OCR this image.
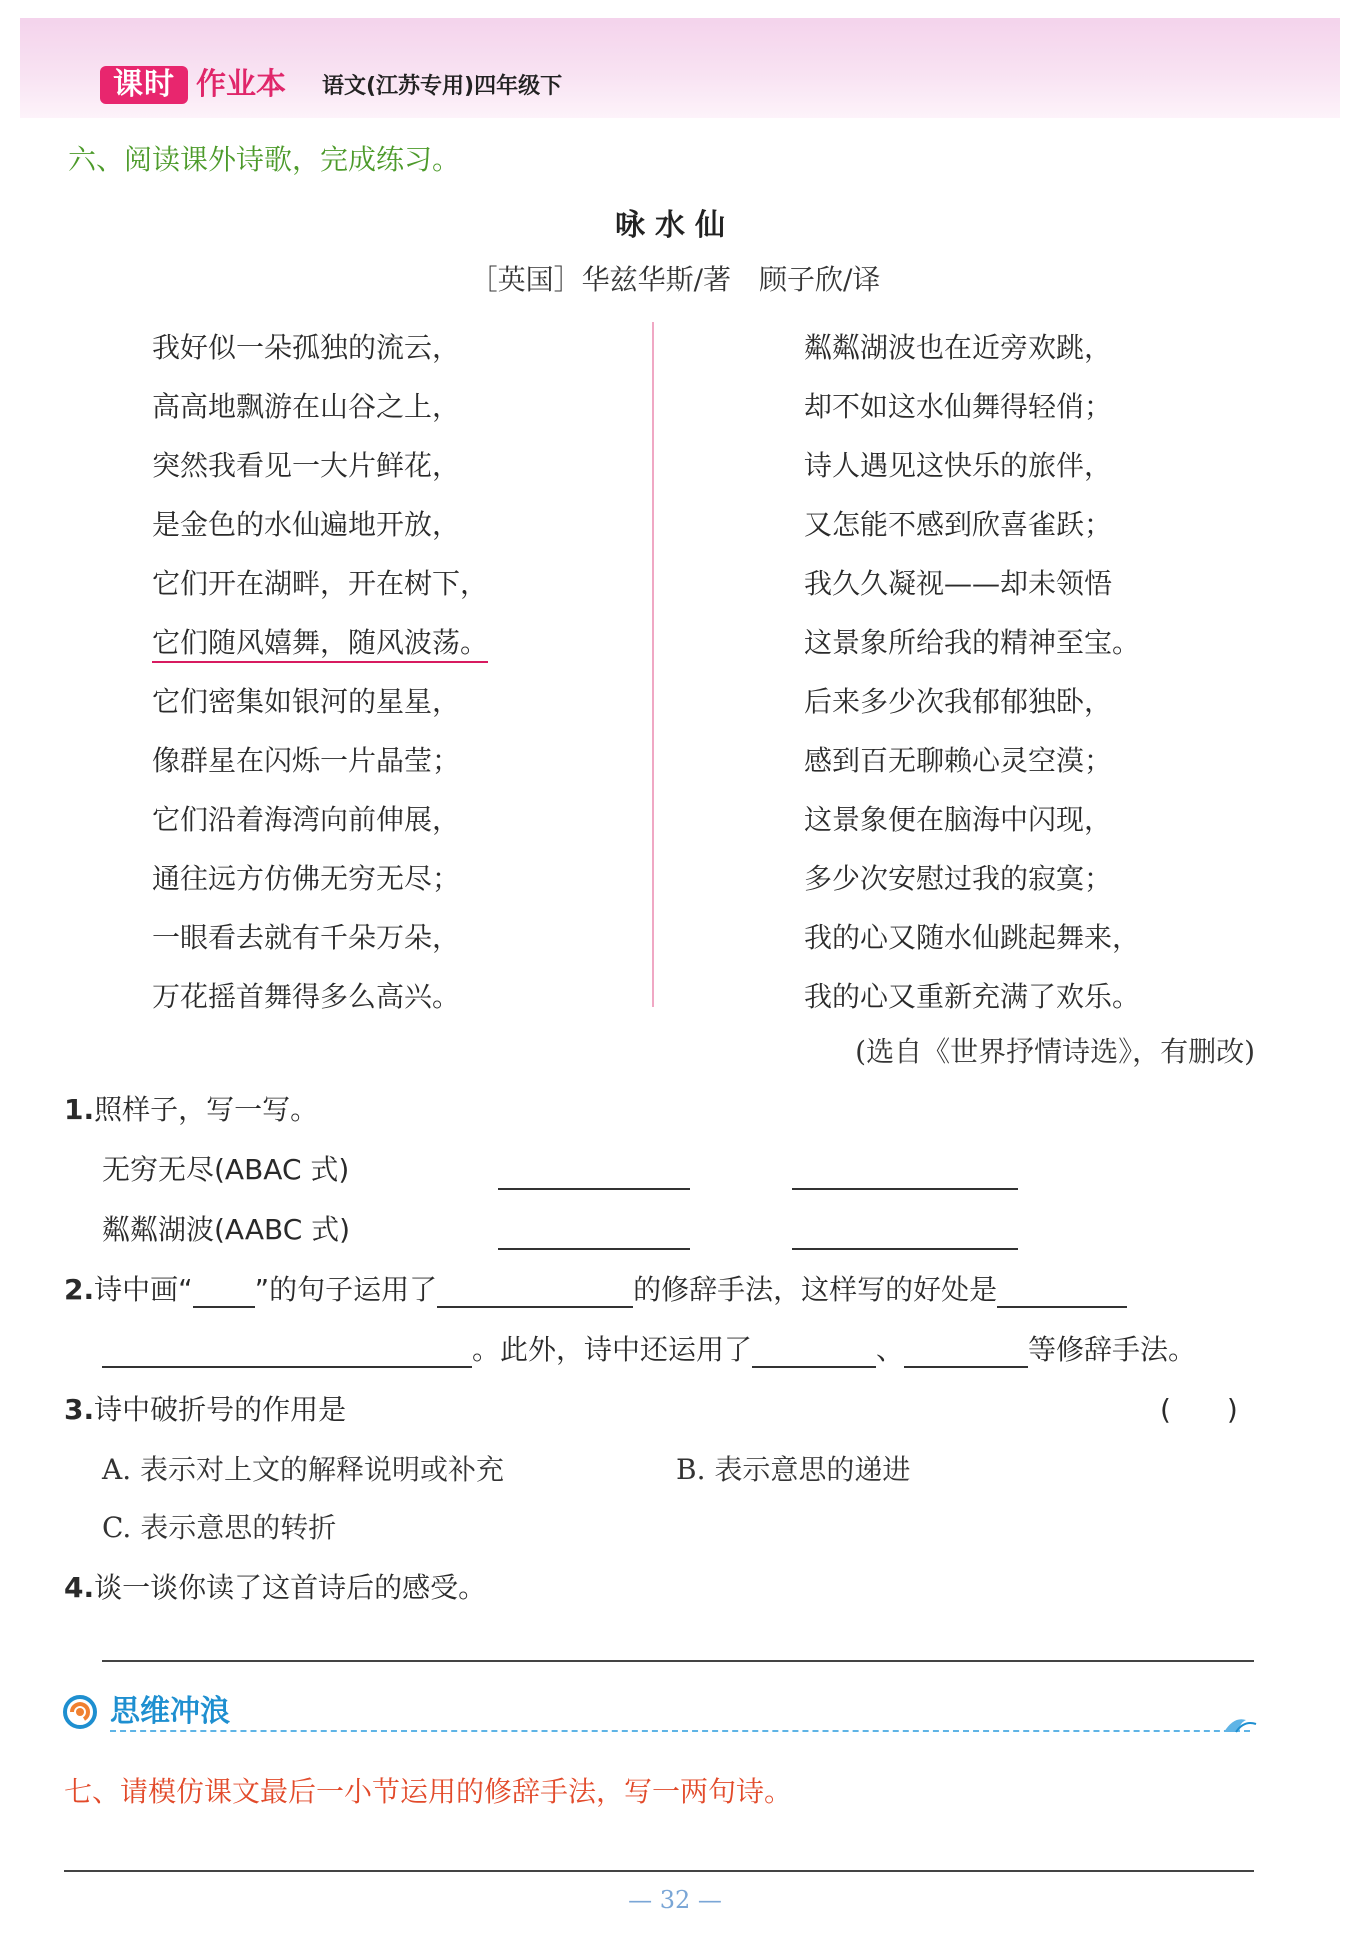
课时 作业本 语文(江苏专用)四年级下
六、阅读课外诗歌，完成练习。
咏水仙
［英国］华兹华斯/著　顾子欣/译
我好似一朵孤独的流云，
高高地飘游在山谷之上，
突然我看见一大片鲜花，
是金色的水仙遍地开放，
它们开在湖畔，开在树下，
它们随风嬉舞，随风波荡。
它们密集如银河的星星，
像群星在闪烁一片晶莹；
它们沿着海湾向前伸展，
通往远方仿佛无穷无尽；
一眼看去就有千朵万朵，
万花摇首舞得多么高兴。
粼粼湖波也在近旁欢跳，
却不如这水仙舞得轻俏；
诗人遇见这快乐的旅伴，
又怎能不感到欣喜雀跃；
我久久凝视——却未领悟
这景象所给我的精神至宝。
后来多少次我郁郁独卧，
感到百无聊赖心灵空漠；
这景象便在脑海中闪现，
多少次安慰过我的寂寞；
我的心又随水仙跳起舞来，
我的心又重新充满了欢乐。
(选自《世界抒情诗选》，有删改)
1.照样子，写一写。
无穷无尽(ABAC 式)
粼粼湖波(AABC 式)
2.诗中画“ ”的句子运用了	的修辞手法，这样写的好处是
。此外，诗中还运用了	、	等修辞手法。
3.诗中破折号的作用是	(　　)
A. 表示对上文的解释说明或补充	B. 表示意思的递进
C. 表示意思的转折
4.谈一谈你读了这首诗后的感受。
思维冲浪
七、请模仿课文最后一小节运用的修辞手法，写一两句诗。
— 32 —
